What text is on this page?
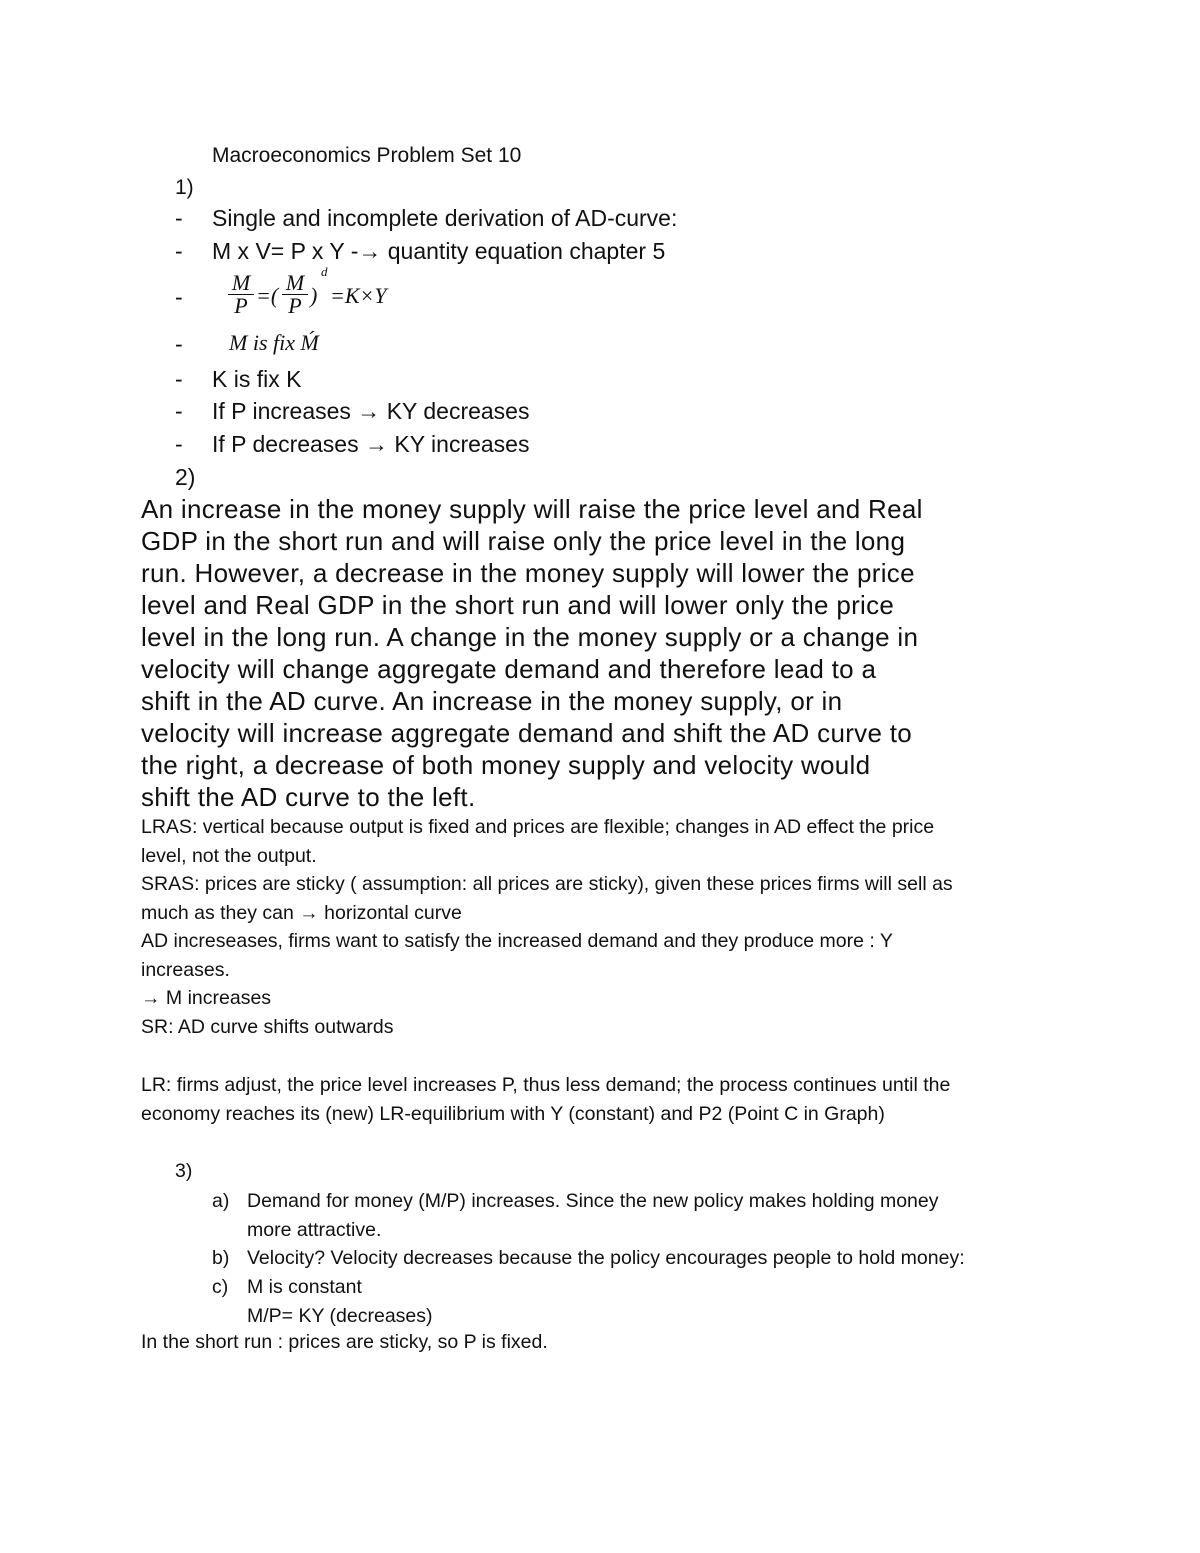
Macroeconomics Problem Set 10
1)
- Single and incomplete derivation of AD-curve:
- M x V= P x Y -→ quantity equation chapter 5
-
M
P =(
M
P )
d
=K×Y
- M is fix Ḿ
- K is fix K
- If P increases → KY decreases
- If P decreases → KY increases
2)

An increase in the money supply will raise the price level and Real

GDP in the short run and will raise only the price level in the long

run. However, a decrease in the money supply will lower the price

level and Real GDP in the short run and will lower only the price

level in the long run. A change in the money supply or a change in

velocity will change aggregate demand and therefore lead to a

shift in the AD curve. An increase in the money supply, or in

velocity will increase aggregate demand and shift the AD curve to

the right, a decrease of both money supply and velocity would

shift the AD curve to the left.

LRAS: vertical because output is fixed and prices are flexible; changes in AD effect the price

level, not the output.

SRAS: prices are sticky ( assumption: all prices are sticky), given these prices firms will sell as

much as they can → horizontal curve

AD increseases, firms want to satisfy the increased demand and they produce more : Y

increases.

→ M increases

SR: AD curve shifts outwards

LR: firms adjust, the price level increases P, thus less demand; the process continues until the

economy reaches its (new) LR-equilibrium with Y (constant) and P2 (Point C in Graph)

3)
a) Demand for money (M/P) increases. Since the new policy makes holding money
more attractive.
b) Velocity? Velocity decreases because the policy encourages people to hold money:
c) M is constant
M/P= KY (decreases)
In the short run : prices are sticky, so P is fixed.
